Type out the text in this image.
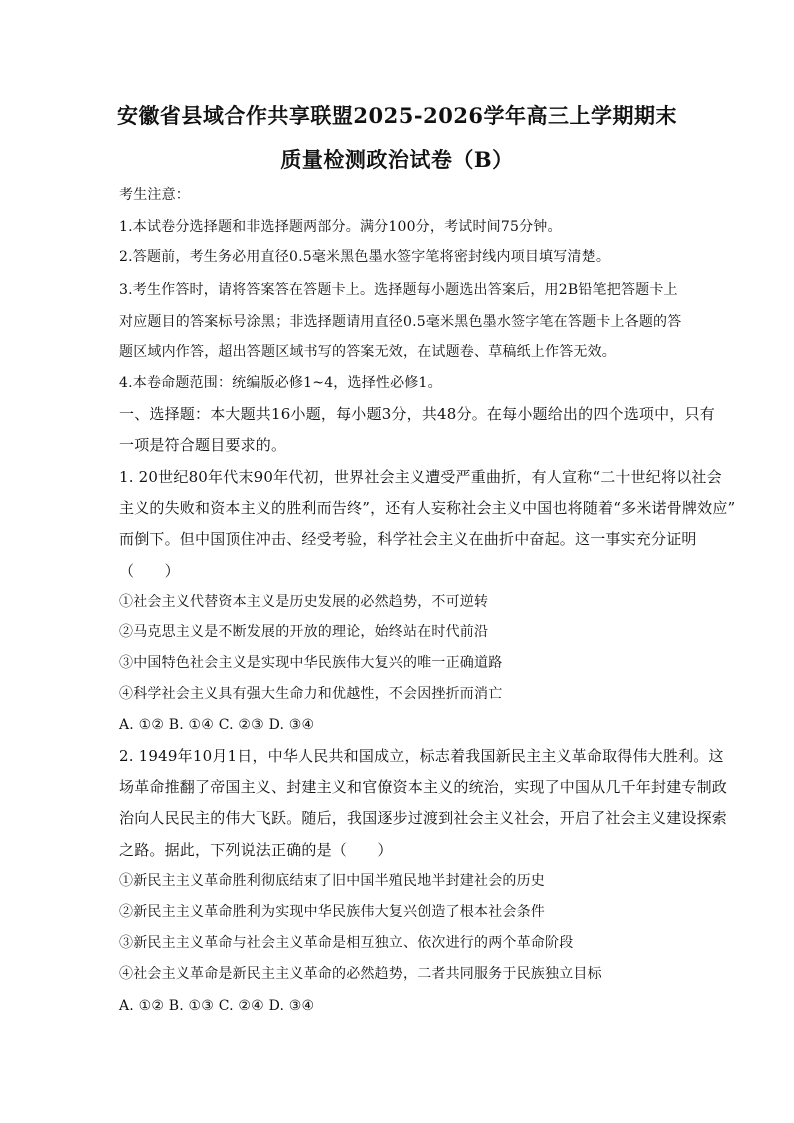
安徽省县域合作共享联盟2025-2026学年高三上学期期末
质量检测政治试卷（B）
考生注意：
1.本试卷分选择题和非选择题两部分。满分100分，考试时间75分钟。
2.答题前，考生务必用直径0.5毫米黑色墨水签字笔将密封线内项目填写清楚。
3.考生作答时，请将答案答在答题卡上。选择题每小题选出答案后，用2B铅笔把答题卡上
对应题目的答案标号涂黑；非选择题请用直径0.5毫米黑色墨水签字笔在答题卡上各题的答
题区域内作答，超出答题区域书写的答案无效，在试题卷、草稿纸上作答无效。
4.本卷命题范围：统编版必修1~4，选择性必修1。
一、选择题：本大题共16小题，每小题3分，共48分。在每小题给出的四个选项中，只有
一项是符合题目要求的。
1. 20世纪80年代末90年代初，世界社会主义遭受严重曲折，有人宣称“二十世纪将以社会
主义的失败和资本主义的胜利而告终”，还有人妄称社会主义中国也将随着“多米诺骨牌效应”
而倒下。但中国顶住冲击、经受考验，科学社会主义在曲折中奋起。这一事实充分证明
（　　）
①社会主义代替资本主义是历史发展的必然趋势，不可逆转
②马克思主义是不断发展的开放的理论，始终站在时代前沿
③中国特色社会主义是实现中华民族伟大复兴的唯一正确道路
④科学社会主义具有强大生命力和优越性，不会因挫折而消亡
A. ①② B. ①④ C. ②③ D. ③④
2. 1949年10月1日，中华人民共和国成立，标志着我国新民主主义革命取得伟大胜利。这
场革命推翻了帝国主义、封建主义和官僚资本主义的统治，实现了中国从几千年封建专制政
治向人民民主的伟大飞跃。随后，我国逐步过渡到社会主义社会，开启了社会主义建设探索
之路。据此，下列说法正确的是（　　）
①新民主主义革命胜利彻底结束了旧中国半殖民地半封建社会的历史
②新民主主义革命胜利为实现中华民族伟大复兴创造了根本社会条件
③新民主主义革命与社会主义革命是相互独立、依次进行的两个革命阶段
④社会主义革命是新民主主义革命的必然趋势，二者共同服务于民族独立目标
A. ①② B. ①③ C. ②④ D. ③④
